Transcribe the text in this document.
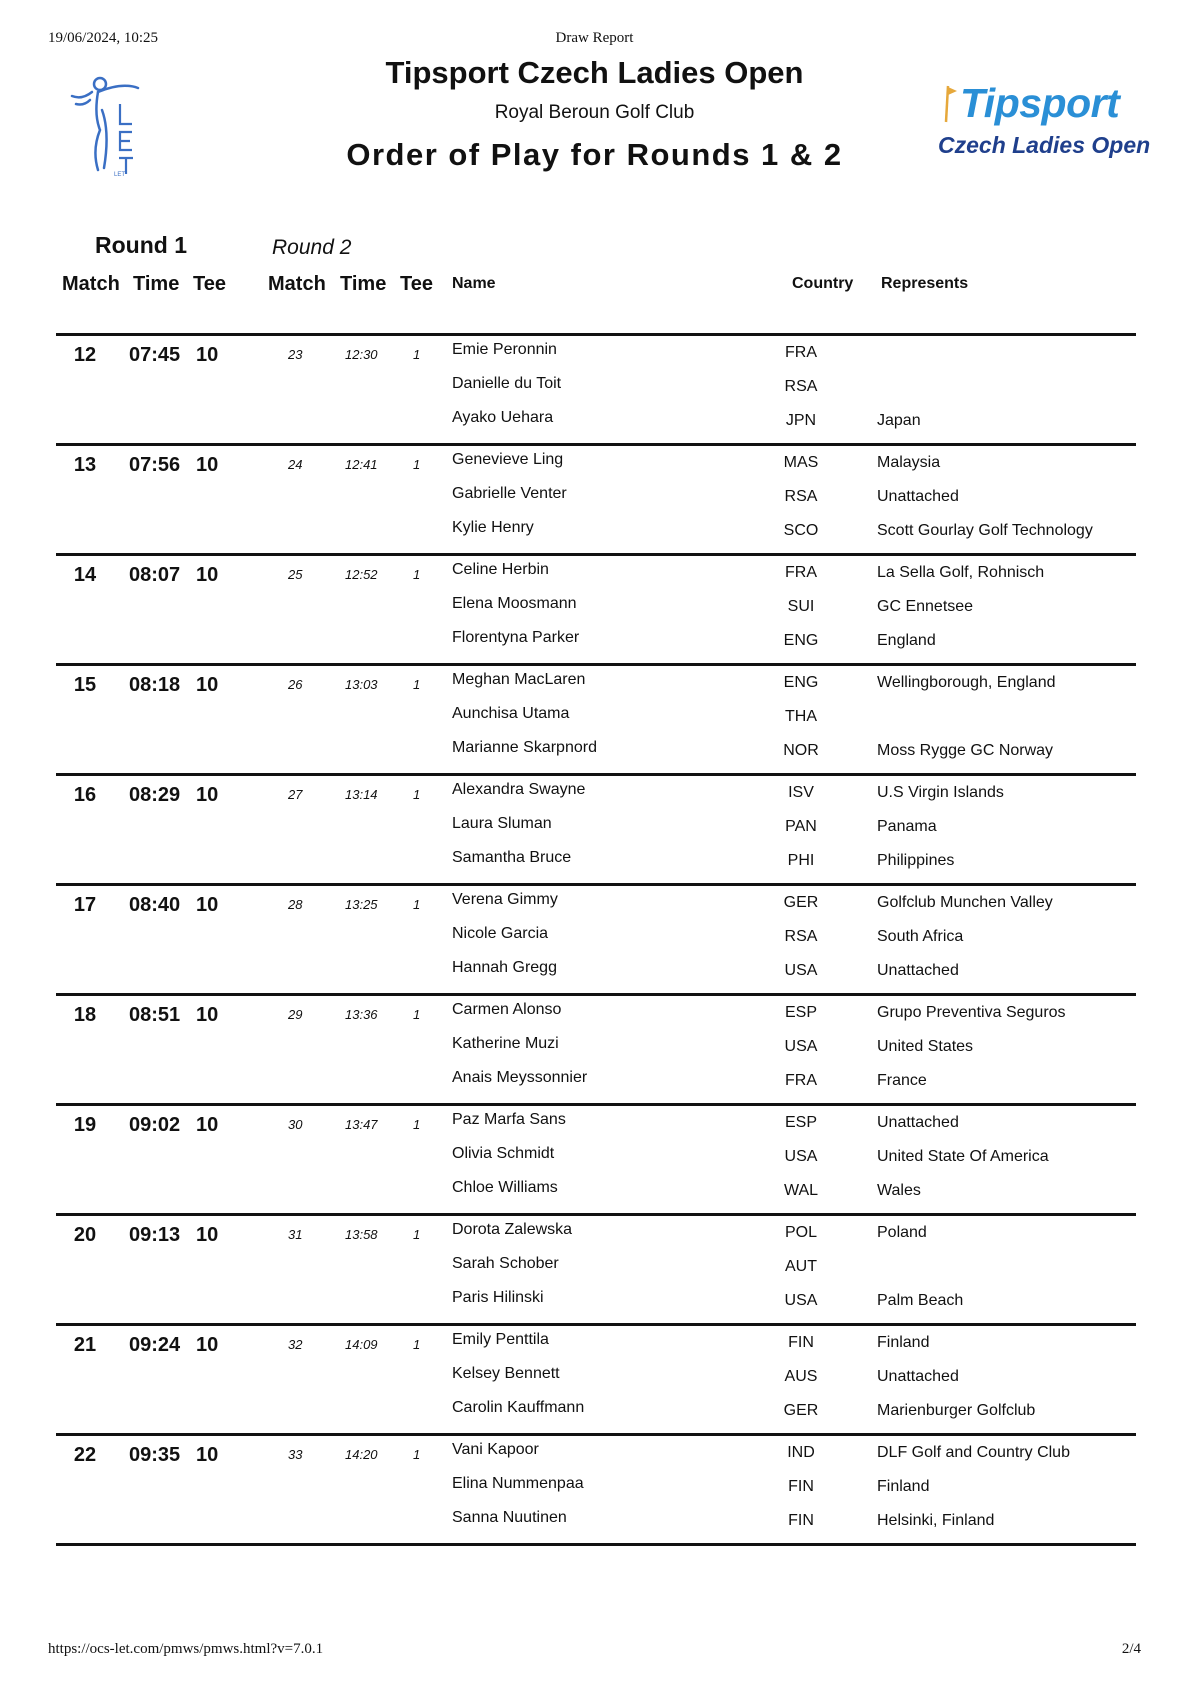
19/06/2024, 10:25	Draw Report
LET
Tipsport
Czech Ladies Open
Tipsport Czech Ladies Open
Royal Beroun Golf Club
Order of Play for Rounds 1 & 2
Round 1	Round 2
Match Time Tee Match Time Tee Name	Country Represents
12	07:45 10	23	12:30	1 Emie Peronnin	FRA
Danielle du Toit	RSA
Ayako Uehara	JPN	Japan
13	07:56 10	24	12:41	1 Genevieve Ling	MAS	Malaysia
Gabrielle Venter	RSA	Unattached
Kylie Henry	SCO	Scott Gourlay Golf Technology
14	08:07 10	25	12:52	1 Celine Herbin	FRA	La Sella Golf, Rohnisch
Elena Moosmann	SUI	GC Ennetsee
Florentyna Parker	ENG	England
15	08:18 10	26	13:03	1 Meghan MacLaren	ENG	Wellingborough, England
Aunchisa Utama	THA
Marianne Skarpnord	NOR	Moss Rygge GC Norway
16	08:29 10	27	13:14	1 Alexandra Swayne	ISV	U.S Virgin Islands
Laura Sluman	PAN	Panama
Samantha Bruce	PHI	Philippines
17	08:40 10	28	13:25	1 Verena Gimmy	GER	Golfclub Munchen Valley
Nicole Garcia	RSA	South Africa
Hannah Gregg	USA	Unattached
18	08:51 10	29	13:36	1 Carmen Alonso	ESP	Grupo Preventiva Seguros
Katherine Muzi	USA	United States
Anais Meyssonnier	FRA	France
19	09:02 10	30	13:47	1 Paz Marfa Sans	ESP	Unattached
Olivia Schmidt	USA	United State Of America
Chloe Williams	WAL	Wales
20	09:13 10	31	13:58	1 Dorota Zalewska	POL	Poland
Sarah Schober	AUT
Paris Hilinski	USA	Palm Beach
21	09:24 10	32	14:09	1 Emily Penttila	FIN	Finland
Kelsey Bennett	AUS	Unattached
Carolin Kauffmann	GER	Marienburger Golfclub
22	09:35 10	33	14:20	1 Vani Kapoor	IND	DLF Golf and Country Club
Elina Nummenpaa	FIN	Finland
Sanna Nuutinen	FIN	Helsinki, Finland
https://ocs-let.com/pmws/pmws.html?v=7.0.1	2/4
